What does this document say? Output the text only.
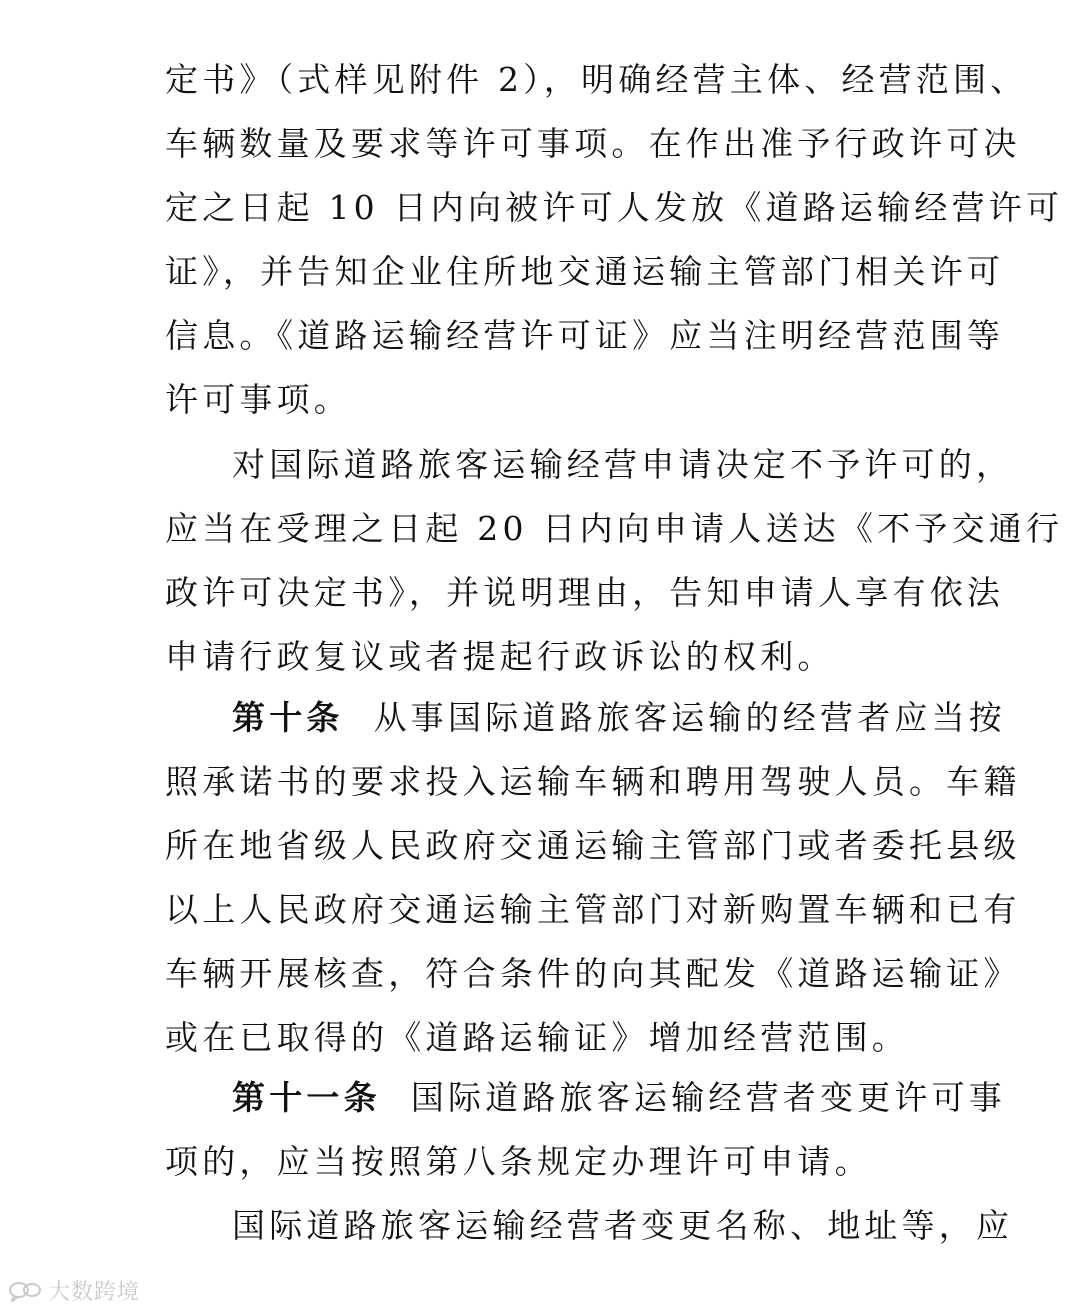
定书》（式样见附件 2），明确经营主体、经营范围、
车辆数量及要求等许可事项。在作出准予行政许可决
定之日起 10 日内向被许可人发放《道路运输经营许可
证》，并告知企业住所地交通运输主管部门相关许可
信息。《道路运输经营许可证》应当注明经营范围等
许可事项。
对国际道路旅客运输经营申请决定不予许可的，
应当在受理之日起 20 日内向申请人送达《不予交通行
政许可决定书》，并说明理由，告知申请人享有依法
申请行政复议或者提起行政诉讼的权利。
第十条 从事国际道路旅客运输的经营者应当按
照承诺书的要求投入运输车辆和聘用驾驶人员。车籍
所在地省级人民政府交通运输主管部门或者委托县级
以上人民政府交通运输主管部门对新购置车辆和已有
车辆开展核查，符合条件的向其配发《道路运输证》
或在已取得的《道路运输证》增加经营范围。
第十一条 国际道路旅客运输经营者变更许可事
项的，应当按照第八条规定办理许可申请。
国际道路旅客运输经营者变更名称、地址等，应
大数跨境
